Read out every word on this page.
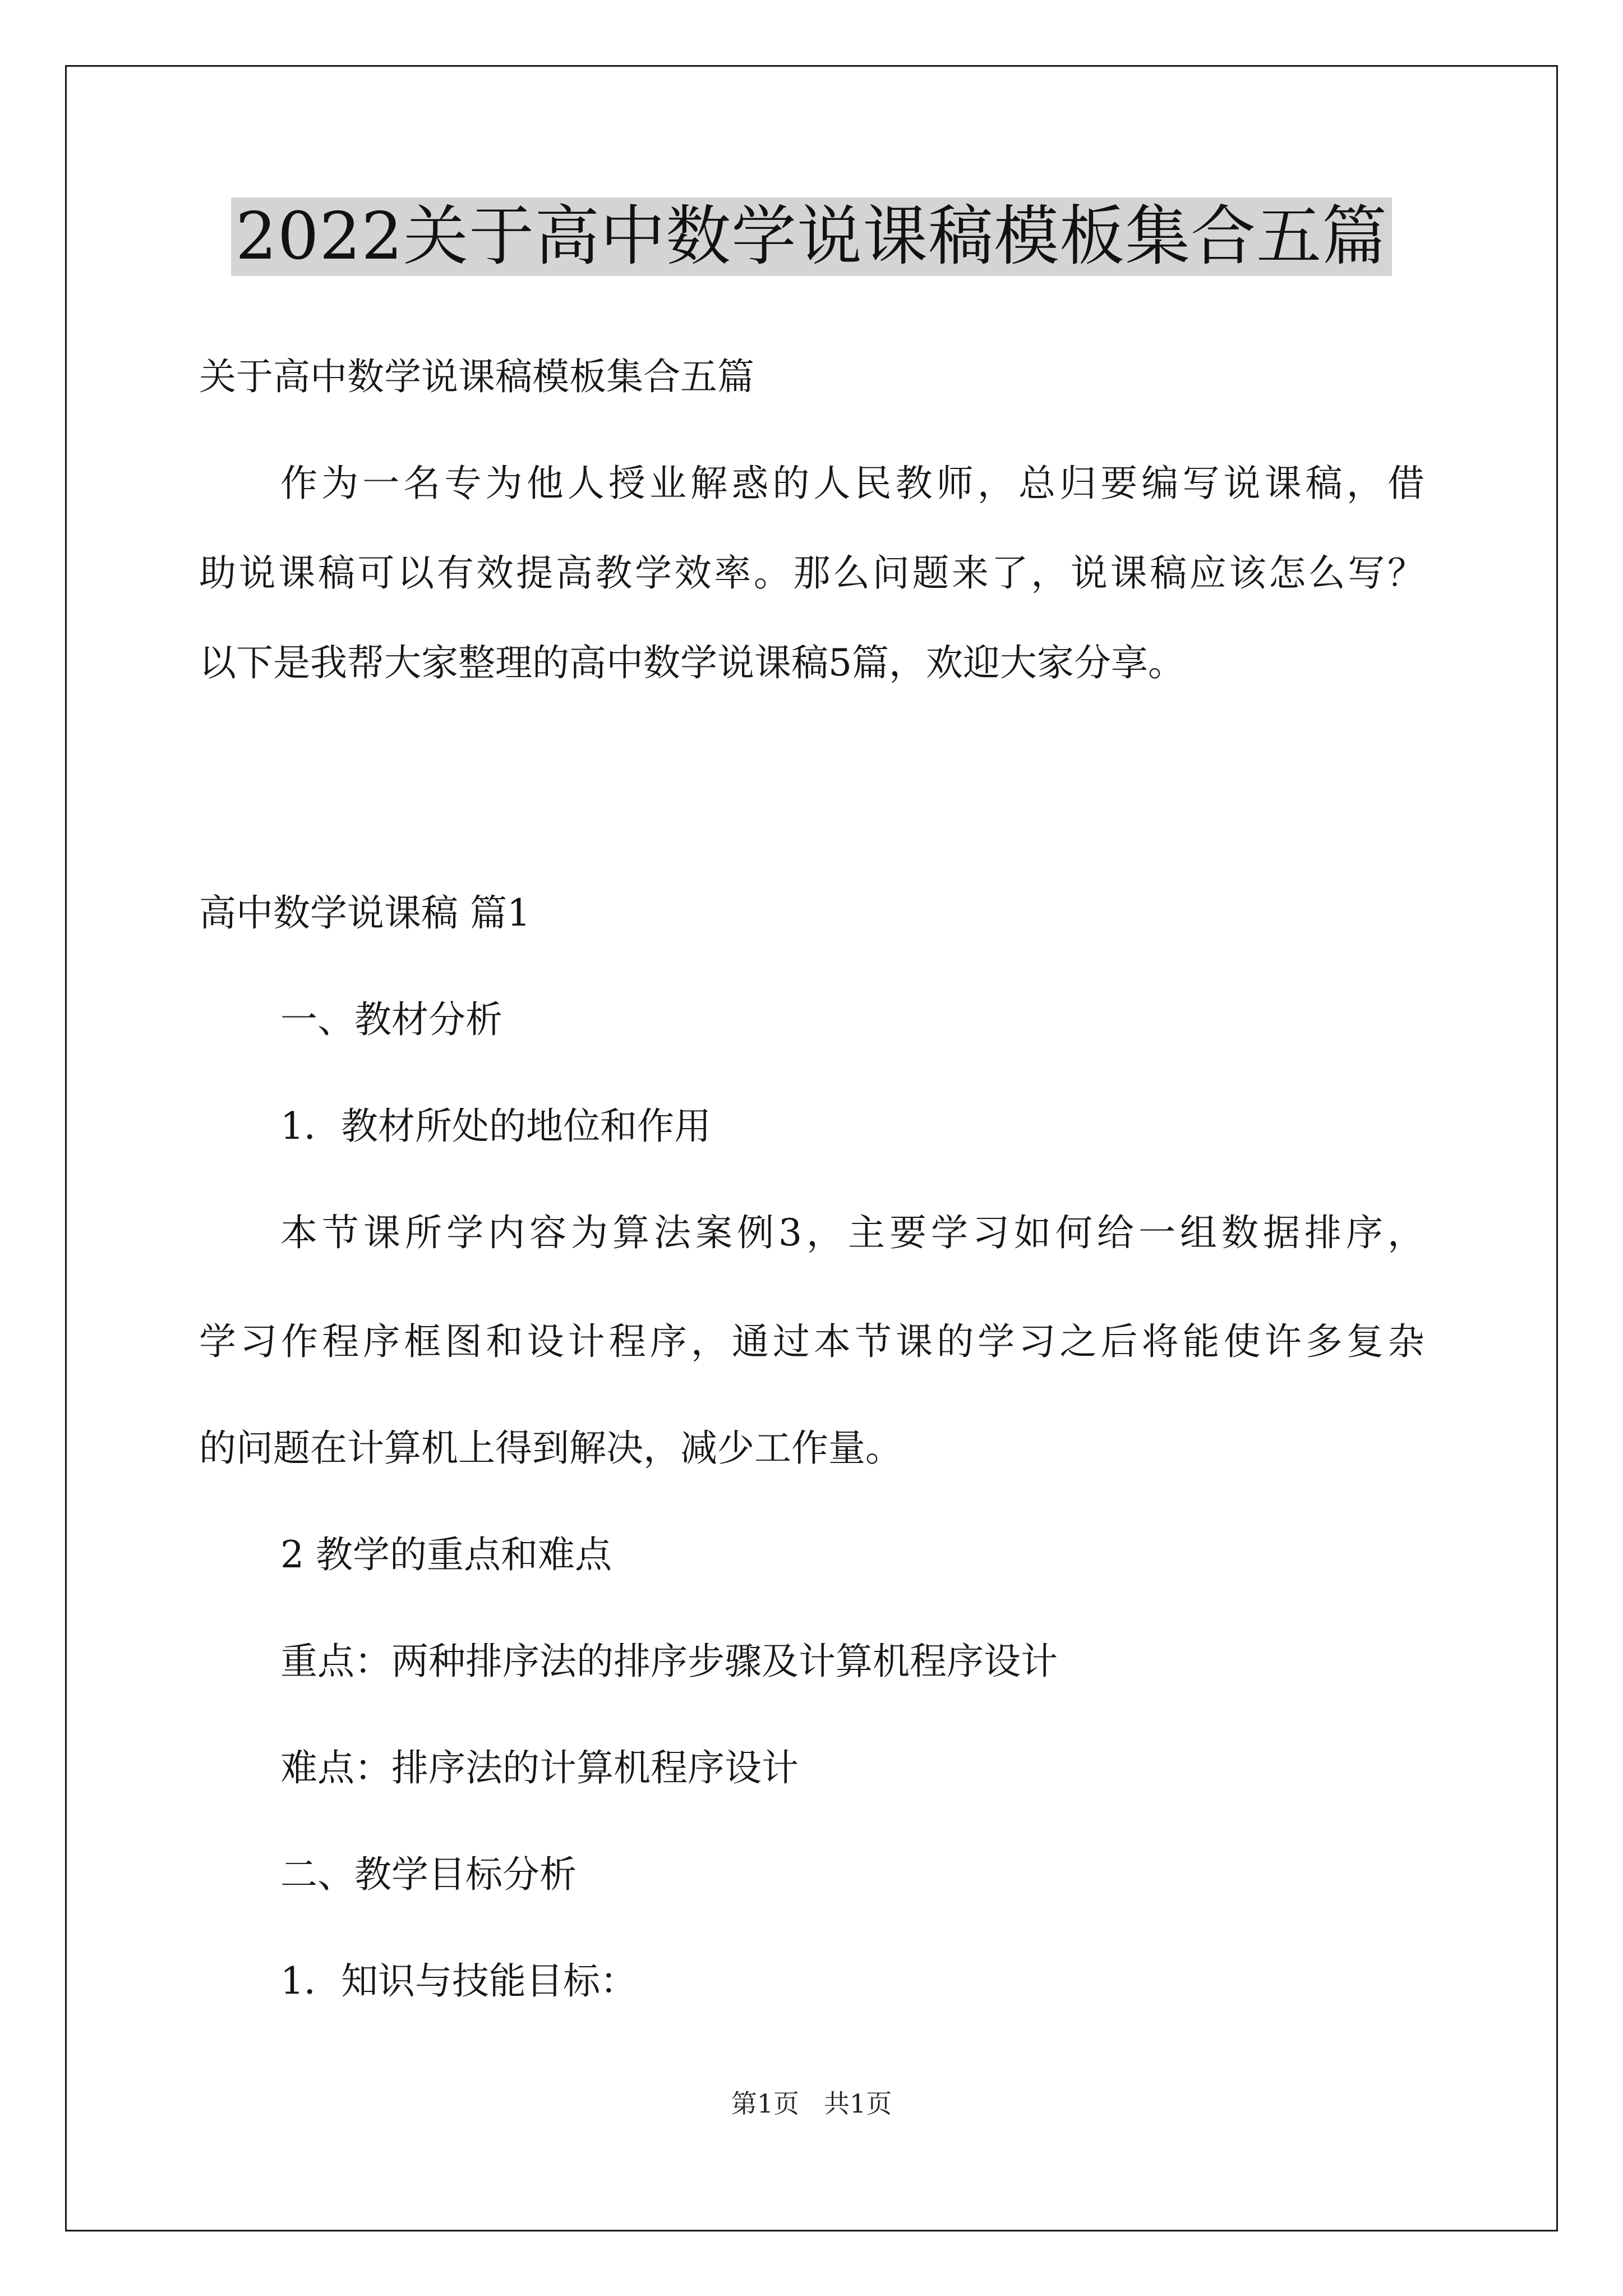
2022关于高中数学说课稿模板集合五篇
关于高中数学说课稿模板集合五篇
作为一名专为他人授业解惑的人民教师，总归要编写说课稿，借
助说课稿可以有效提高教学效率。那么问题来了，说课稿应该怎么写？
以下是我帮大家整理的高中数学说课稿5篇，欢迎大家分享。
高中数学说课稿 篇1
一、教材分析
1．教材所处的地位和作用
本节课所学内容为算法案例3，主要学习如何给一组数据排序，
学习作程序框图和设计程序，通过本节课的学习之后将能使许多复杂
的问题在计算机上得到解决，减少工作量。
2 教学的重点和难点
重点：两种排序法的排序步骤及计算机程序设计
难点：排序法的计算机程序设计
二、教学目标分析
1．知识与技能目标：
第1页 共1页
